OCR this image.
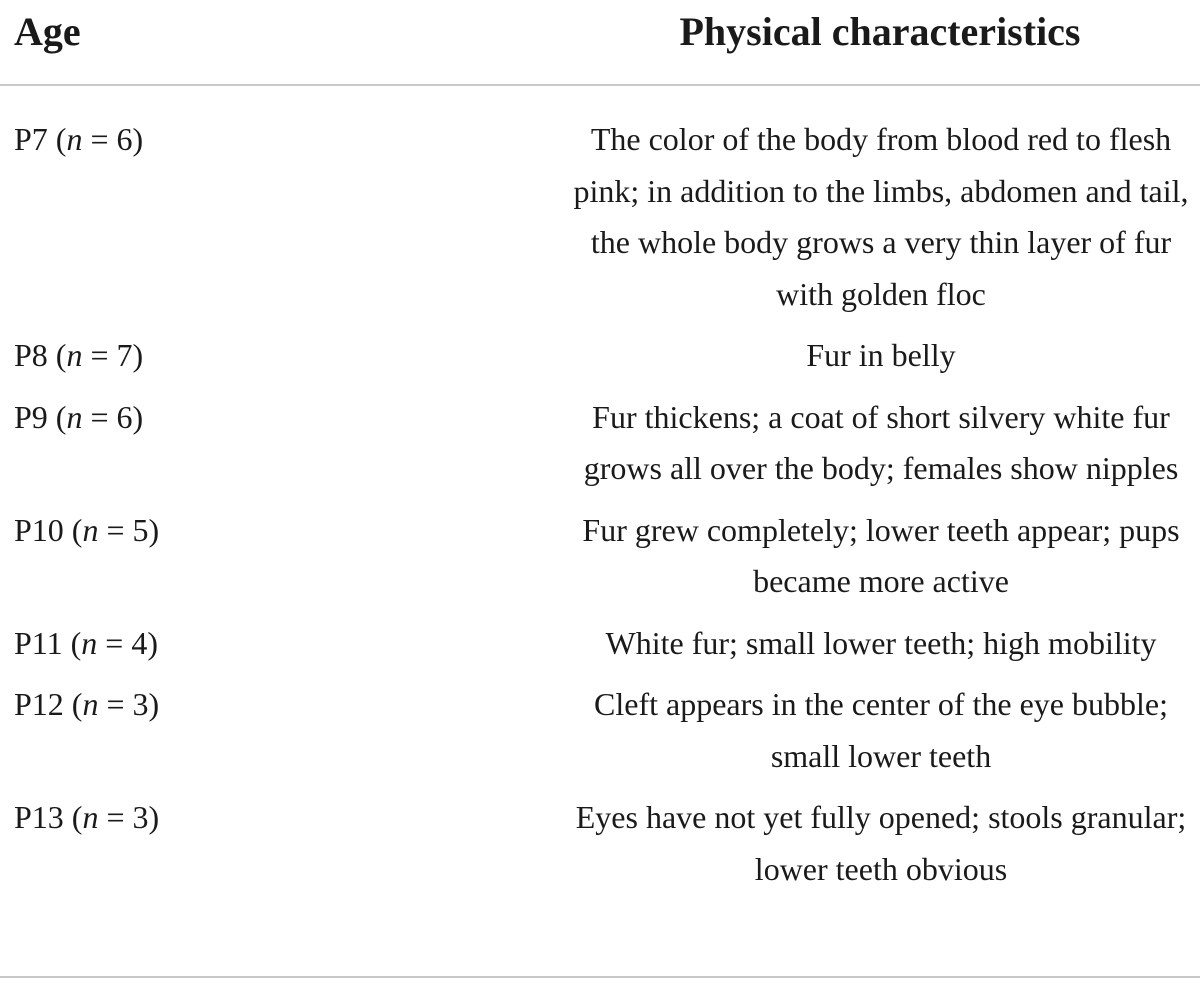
Age	Physical characteristics
P7 (n = 6)	The color of the body from blood red to flesh pink; in addition to the limbs, abdomen and tail, the whole body grows a very thin layer of fur with golden floc
P8 (n = 7)	Fur in belly
P9 (n = 6)	Fur thickens; a coat of short silvery white fur grows all over the body; females show nipples
P10 (n = 5)	Fur grew completely; lower teeth appear; pups became more active
P11 (n = 4)	White fur; small lower teeth; high mobility
P12 (n = 3)	Cleft appears in the center of the eye bubble; small lower teeth
P13 (n = 3)	Eyes have not yet fully opened; stools granular; lower teeth obvious
